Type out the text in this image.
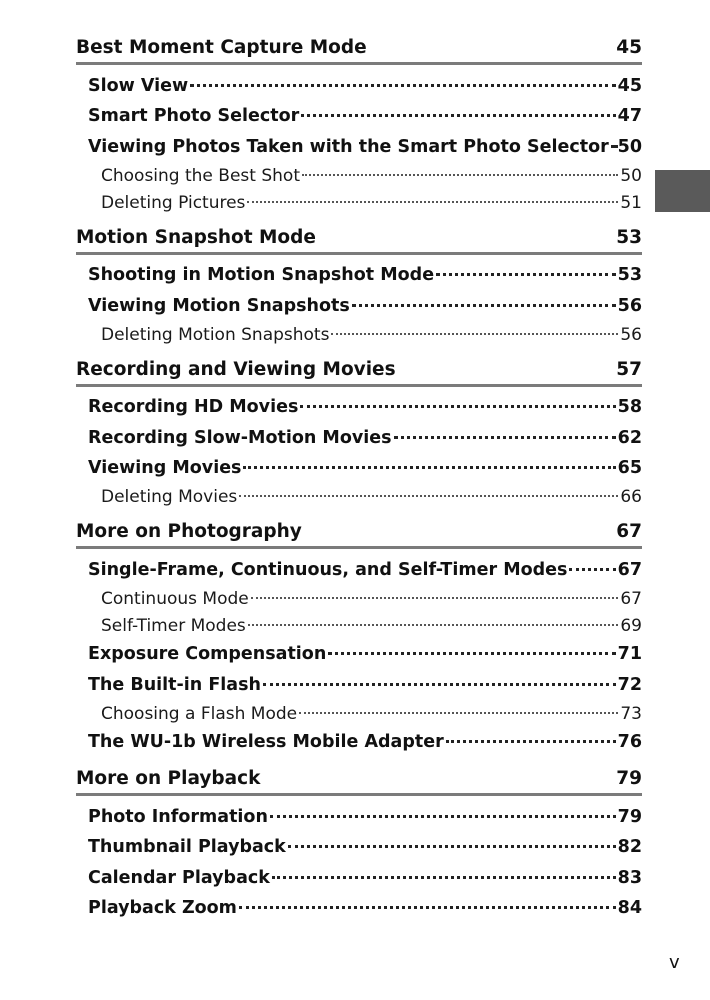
Best Moment Capture Mode	45
Slow View	45
Smart Photo Selector	47
Viewing Photos Taken with the Smart Photo Selector 50
Choosing the Best Shot	50
Deleting Pictures	51
Motion Snapshot Mode	53
Shooting in Motion Snapshot Mode	53
Viewing Motion Snapshots	56
Deleting Motion Snapshots	56
Recording and Viewing Movies	57
Recording HD Movies	58
Recording Slow-Motion Movies	62
Viewing Movies	65
Deleting Movies	66
More on Photography	67
Single-Frame, Continuous, and Self-Timer Modes	67
Continuous Mode	67
Self-Timer Modes	69
Exposure Compensation	71
The Built-in Flash	72
Choosing a Flash Mode	73
The WU-1b Wireless Mobile Adapter	76
More on Playback	79
Photo Information	79
Thumbnail Playback	82
Calendar Playback	83
Playback Zoom	84
v
